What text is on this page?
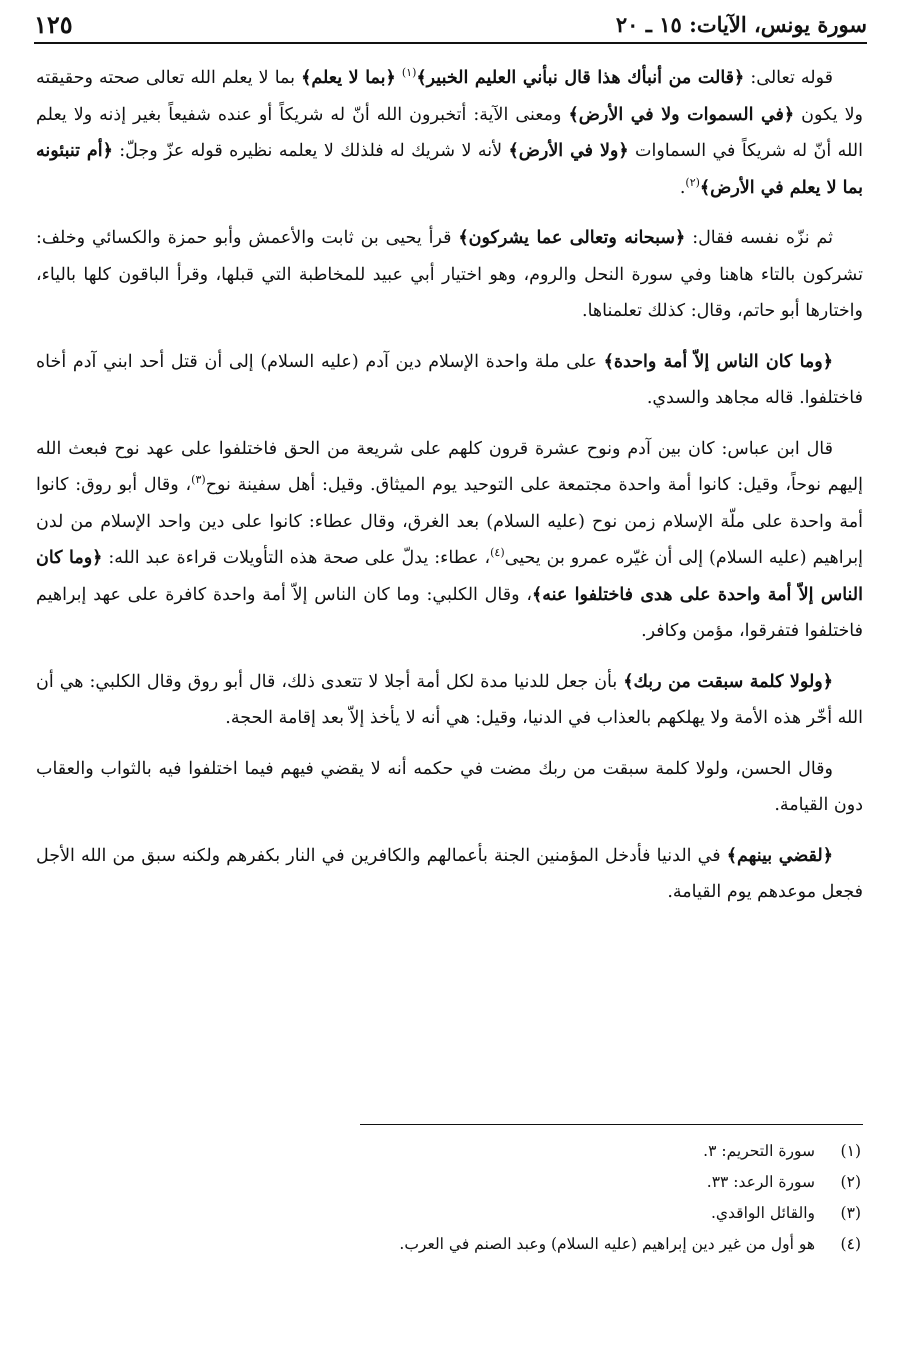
سورة يونس، الآيات: ١٥ ـ ٢٠
١٢٥

قوله تعالى: ﴿قالت من أنبأك هذا قال نبأني العليم الخبير﴾$^{(١)}$ ﴿بما لا يعلم﴾ بما لا يعلم الله تعالى صحته وحقيقته ولا يكون ﴿في السموات ولا في الأرض﴾ ومعنى الآية: أتخبرون الله أنّ له شريكاً أو عنده شفيعاً بغير إذنه ولا يعلم الله أنّ له شريكاً في السماوات ﴿ولا في الأرض﴾ لأنه لا شريك له فلذلك لا يعلمه نظيره قوله عزّ وجلّ: ﴿أم تنبئونه بما لا يعلم في الأرض﴾$^{(٢)}$.

ثم نزّه نفسه فقال: ﴿سبحانه وتعالى عما يشركون﴾ قرأ يحيى بن ثابت والأعمش وأبو حمزة والكسائي وخلف: تشركون بالتاء هاهنا وفي سورة النحل والروم، وهو اختيار أبي عبيد للمخاطبة التي قبلها، وقرأ الباقون كلها بالياء، واختارها أبو حاتم، وقال: كذلك تعلمناها.

﴿وما كان الناس إلاّ أمة واحدة﴾ على ملة واحدة الإسلام دين آدم (عليه السلام) إلى أن قتل أحد ابني آدم أخاه فاختلفوا. قاله مجاهد والسدي.

قال ابن عباس: كان بين آدم ونوح عشرة قرون كلهم على شريعة من الحق فاختلفوا على عهد نوح فبعث الله إليهم نوحاً، وقيل: كانوا أمة واحدة مجتمعة على التوحيد يوم الميثاق. وقيل: أهل سفينة نوح$^{(٣)}$، وقال أبو روق: كانوا أمة واحدة على ملّة الإسلام زمن نوح (عليه السلام) بعد الغرق، وقال عطاء: كانوا على دين واحد الإسلام من لدن إبراهيم (عليه السلام) إلى أن غيّره عمرو بن يحيى$^{(٤)}$، عطاء: يدلّ على صحة هذه التأويلات قراءة عبد الله: ﴿وما كان الناس إلاّ أمة واحدة على هدى فاختلفوا عنه﴾، وقال الكلبي: وما كان الناس إلاّ أمة واحدة كافرة على عهد إبراهيم فاختلفوا فتفرقوا، مؤمن وكافر.

﴿ولولا كلمة سبقت من ربك﴾ بأن جعل للدنيا مدة لكل أمة أجلا لا تتعدى ذلك، قال أبو روق وقال الكلبي: هي أن الله أخّر هذه الأمة ولا يهلكهم بالعذاب في الدنيا، وقيل: هي أنه لا يأخذ إلاّ بعد إقامة الحجة.

وقال الحسن، ولولا كلمة سبقت من ربك مضت في حكمه أنه لا يقضي فيهم فيما اختلفوا فيه بالثواب والعقاب دون القيامة.

﴿لقضي بينهم﴾ في الدنيا فأدخل المؤمنين الجنة بأعمالهم والكافرين في النار بكفرهم ولكنه سبق من الله الأجل فجعل موعدهم يوم القيامة.

(١)
سورة التحريم: ٣.
(٢)
سورة الرعد: ٣٣.
(٣)
والقائل الواقدي.
(٤)
هو أول من غير دين إبراهيم (عليه السلام) وعبد الصنم في العرب.
